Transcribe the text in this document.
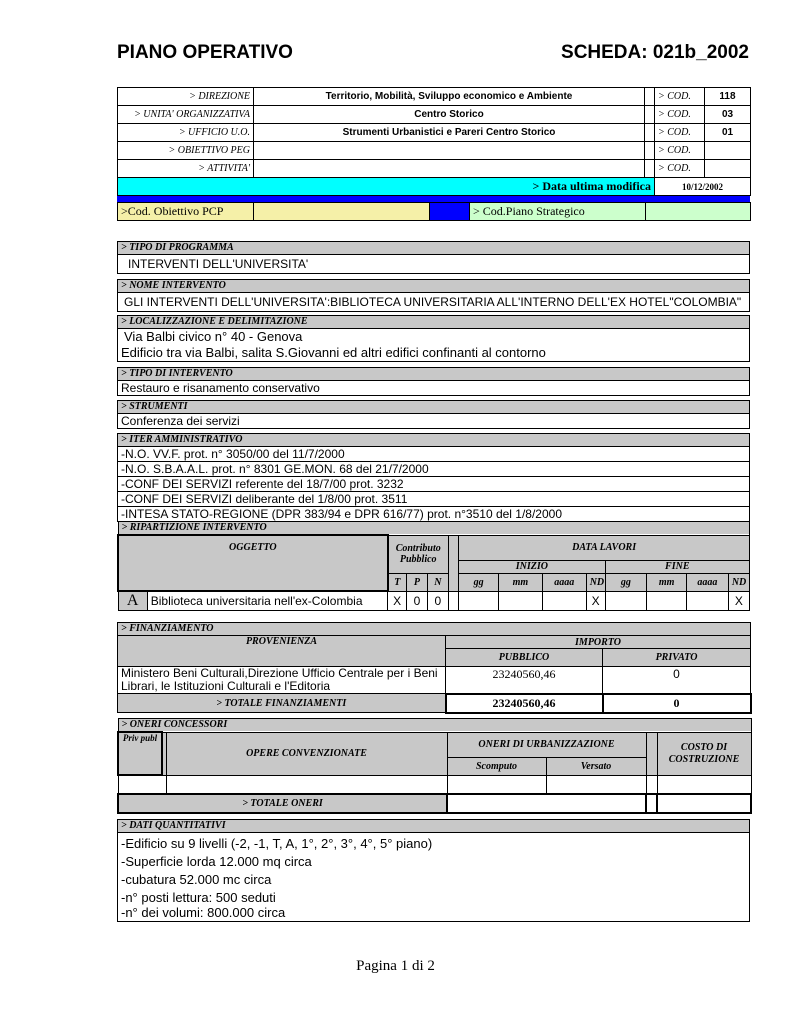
PIANO OPERATIVO	SCHEDA: 021b_2002
> DIREZIONE	Territorio, Mobilità, Sviluppo economico e Ambiente		> COD.	118
> UNITA' ORGANIZZATIVA	Centro Storico		> COD.	03
> UFFICIO U.O.	Strumenti Urbanistici e Pareri Centro Storico		> COD.	01
> OBIETTIVO PEG			> COD.	
> ATTIVITA'			> COD.	
> Data ultima modifica			10/12/2002	
>Cod. Obiettivo PCP			> Cod.Piano Strategico	
> TIPO DI PROGRAMMA
INTERVENTI DELL'UNIVERSITA'
> NOME INTERVENTO
GLI INTERVENTI DELL'UNIVERSITA':BIBLIOTECA UNIVERSITARIA ALL'INTERNO DELL'EX HOTEL"COLOMBIA"
> LOCALIZZAZIONE E DELIMITAZIONE

Via Balbi civico n° 40 - Genova
Edificio tra via Balbi, salita S.Giovanni ed altri edifici confinanti al contorno
> TIPO DI INTERVENTO
Restauro e risanamento conservativo
> STRUMENTI
Conferenza dei servizi
> ITER AMMINISTRATIVO
-N.O. VV.F. prot. n° 3050/00 del 11/7/2000
-N.O. S.B.A.A.L. prot. n° 8301 GE.MON. 68 del 21/7/2000
-CONF DEI SERVIZI referente del 18/7/00 prot. 3232
-CONF DEI SERVIZI deliberante del 1/8/00 prot. 3511
-INTESA STATO-REGIONE (DPR 383/94 e DPR 616/77) prot. n°3510 del 1/8/2000
> RIPARTIZIONE INTERVENTO													
OGGETTO		Contributo Pubblico				DATA LAVORI							
						INIZIO				FINE			
		T	P	N		gg	mm	aaaa	ND	gg	mm	aaaa	ND
A	Biblioteca universitaria nell'ex-Colombia	X	0	0					X				X
> FINANZIAMENTO		
PROVENIENZA	IMPORTO	
	PUBBLICO	PRIVATO

Ministero Beni Culturali,Direzione Ufficio Centrale per i Beni
Librari, le Istituzioni Culturali e l'Editoria	23240560,46	0
> TOTALE FINANZIAMENTI	23240560,46	0
> ONERI CONCESSORI						
Priv publ		OPERE CONVENZIONATE	ONERI DI URBANIZZAZIONE			COSTO DI COSTRUZIONE
			Scomputo	Versato		

> TOTALE ONERI						
> DATI QUANTITATIVI

-Edificio su 9 livelli (-2, -1, T, A, 1°, 2°, 3°, 4°, 5° piano)
-Superficie lorda 12.000 mq circa
-cubatura 52.000 mc circa
-n° posti lettura: 500 seduti
-n° dei volumi: 800.000 circa
Pagina 1 di 2
